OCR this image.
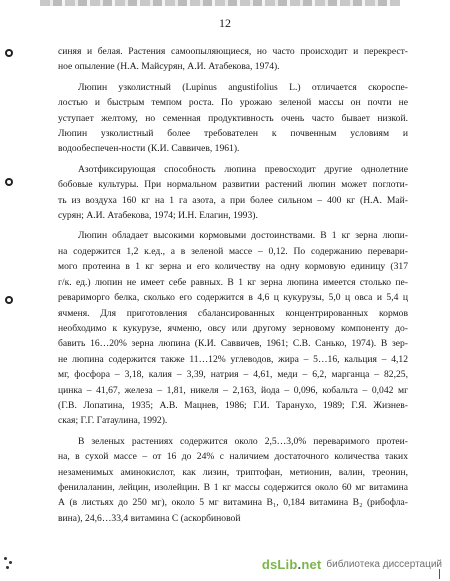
12

синяя и белая. Растения самоопыляющиеся, но часто происходит и перекрест-
ное опыление (Н.А. Майсурян, А.И. Атабекова, 1974).

Люпин узколистный (Lupinus angustifolius L.) отличается скороспе-
лостью и быстрым темпом роста. По урожаю зеленой массы он почти не
уступает желтому, но семенная продуктивность очень часто бывает низкой.
Люпин узколистный более требователен к почвенным условиям и
водообеспечен-ности (К.И. Саввичев, 1961).

Азотфиксирующая способность люпина превосходит другие однолетние
бобовые культуры. При нормальном развитии растений люпин может поглоти-
ть из воздуха 160 кг на 1 га азота, а при более сильном – 400 кг (Н.А. Май-
сурян; А.И. Атабекова, 1974; И.Н. Елагин, 1993).

Люпин обладает высокими кормовыми достоинствами. В 1 кг зерна люпи-
на содержится 1,2 к.ед., а в зеленой массе – 0,12. По содержанию перевари-
мого протеина в 1 кг зерна и его количеству на одну кормовую единицу (317
г/к. ед.) люпин не имеет себе равных. В 1 кг зерна люпина имеется столько пе-
ревариморго белка, сколько его содержится в 4,6 ц кукурузы, 5,0 ц овса и 5,4 ц
ячменя. Для приготовления сбалансированных концентрированных кормов
необходимо к кукурузе, ячменю, овсу или другому зерновому компоненту до-
бавить 16…20% зерна люпина (К.И. Саввичев, 1961; С.В. Санько, 1974). В зер-
не люпина содержится также 11…12% углеводов, жира – 5…16, кальция – 4,12
мг, фосфора – 3,18, калия – 3,39, натрия – 4,61, меди – 6,2, марганца – 82,25,
цинка – 41,67, железа – 1,81, никеля – 2,163, йода – 0,096, кобальта – 0,042 мг
(Г.В. Лопатина, 1935; А.В. Мацнев, 1986; Г.И. Таранухо, 1989; Г.Я. Жизнев-
ская; Г.Г. Гатаулина, 1992).

В зеленых растениях содержится около 2,5…3,0% переваримого протеи-
на, в сухой массе – от 16 до 24% с наличием достаточного количества таких
незаменимых аминокислот, как лизин, триптофан, метионин, валин, треонин,
фенилаланин, лейцин, изолейцин. В 1 кг массы содержится около 60 мг витамина
А (в листьях до 250 мг), около 5 мг витамина В₁, 0,184 витамина В₂ (рибофла-
вина), 24,6…33,4 витамина С (аскорбиновой

dsLib.net библиотека диссертаций
